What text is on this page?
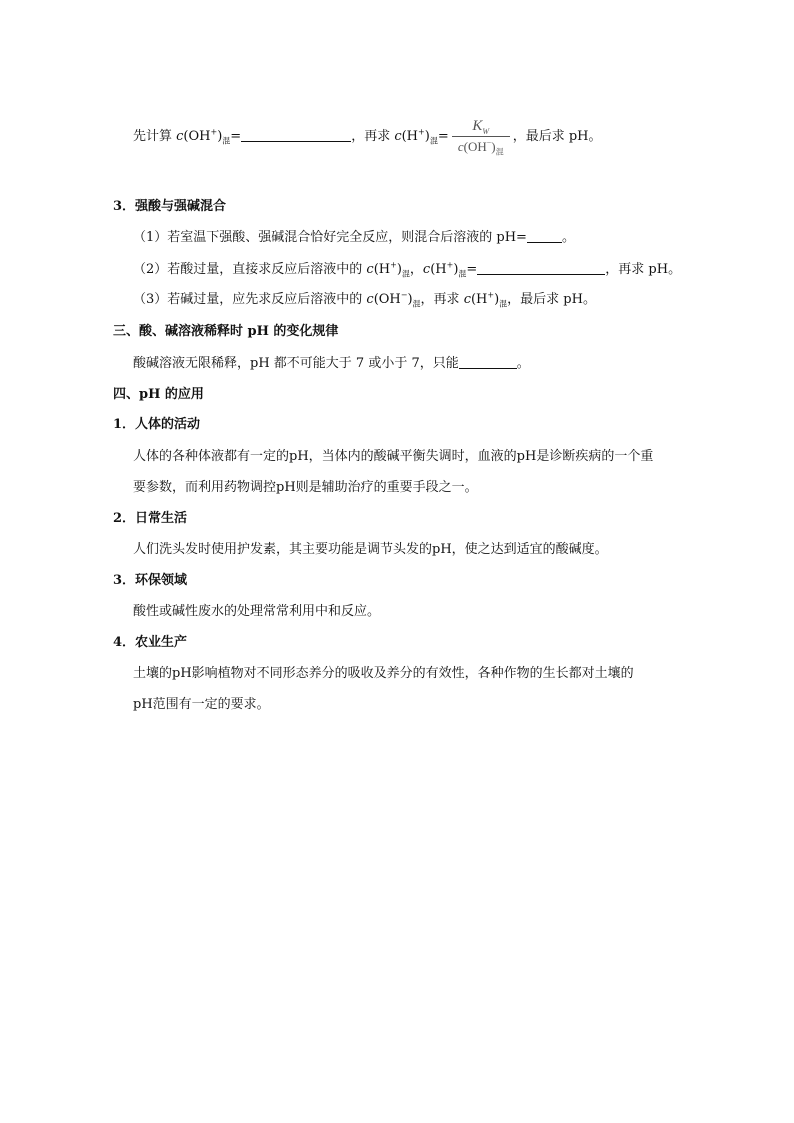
先计算 $c(OH^+)_混=$	，再求 $c(H^+)_混= \frac{K_W}{c(OH^-)_混}$ ，最后求 pH。
3．强酸与强碱混合
（1）若室温下强酸、强碱混合恰好完全反应，则混合后溶液的 pH=	。
（2）若酸过量，直接求反应后溶液中的 $c(H^+)_混$，$c(H^+)_混=$	，再求 pH。
（3）若碱过量，应先求反应后溶液中的 $c(OH^-)_混$，再求 $c(H^+)_混$，最后求 pH。
三、酸、碱溶液稀释时 pH 的变化规律
酸碱溶液无限稀释，pH 都不可能大于 7 或小于 7，只能	。
四、pH 的应用
1．人体的活动
人体的各种体液都有一定的pH，当体内的酸碱平衡失调时，血液的pH是诊断疾病的一个重
要参数，而利用药物调控pH则是辅助治疗的重要手段之一。
2．日常生活
人们洗头发时使用护发素，其主要功能是调节头发的pH，使之达到适宜的酸碱度。
3．环保领域
酸性或碱性废水的处理常常利用中和反应。
4．农业生产
土壤的pH影响植物对不同形态养分的吸收及养分的有效性，各种作物的生长都对土壤的
pH范围有一定的要求。
